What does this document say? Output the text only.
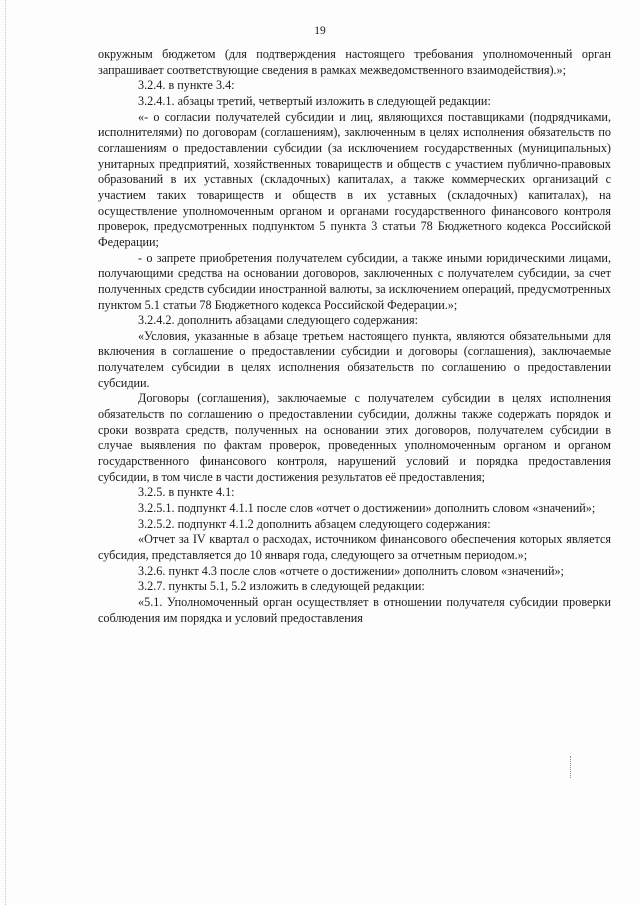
19

окружным бюджетом (для подтверждения настоящего требования уполномоченный орган запрашивает соответствующие сведения в рамках межведомственного взаимодействия).»;

3.2.4. в пункте 3.4:

3.2.4.1. абзацы третий, четвертый изложить в следующей редакции:

«- о согласии получателей субсидии и лиц, являющихся поставщиками (подрядчиками, исполнителями) по договорам (соглашениям), заключенным в целях исполнения обязательств по соглашениям о предоставлении субсидии (за исключением государственных (муниципальных) унитарных предприятий, хозяйственных товариществ и обществ с участием публично-правовых образований в их уставных (складочных) капиталах, а также коммерческих организаций с участием таких товариществ и обществ в их уставных (складочных) капиталах), на осуществление уполномоченным органом и органами государственного финансового контроля проверок, предусмотренных подпунктом 5 пункта 3 статьи 78 Бюджетного кодекса Российской Федерации;

- о запрете приобретения получателем субсидии, а также иными юридическими лицами, получающими средства на основании договоров, заключенных с получателем субсидии, за счет полученных средств субсидии иностранной валюты, за исключением операций, предусмотренных пунктом 5.1 статьи 78 Бюджетного кодекса Российской Федерации.»;

3.2.4.2. дополнить абзацами следующего содержания:

«Условия, указанные в абзаце третьем настоящего пункта, являются обязательными для включения в соглашение о предоставлении субсидии и договоры (соглашения), заключаемые получателем субсидии в целях исполнения обязательств по соглашению о предоставлении субсидии.

Договоры (соглашения), заключаемые с получателем субсидии в целях исполнения обязательств по соглашению о предоставлении субсидии, должны также содержать порядок и сроки возврата средств, полученных на основании этих договоров, получателем субсидии в случае выявления по фактам проверок, проведенных уполномоченным органом и органом государственного финансового контроля, нарушений условий и порядка предоставления субсидии, в том числе в части достижения результатов её предоставления;

3.2.5. в пункте 4.1:

3.2.5.1. подпункт 4.1.1 после слов «отчет о достижении» дополнить словом «значений»;

3.2.5.2. подпункт 4.1.2 дополнить абзацем следующего содержания:

«Отчет за IV квартал о расходах, источником финансового обеспечения которых является субсидия, представляется до 10 января года, следующего за отчетным периодом.»;

3.2.6. пункт 4.3 после слов «отчете о достижении» дополнить словом «значений»;

3.2.7. пункты 5.1, 5.2 изложить в следующей редакции:

«5.1. Уполномоченный орган осуществляет в отношении получателя субсидии проверки соблюдения им порядка и условий предоставления
